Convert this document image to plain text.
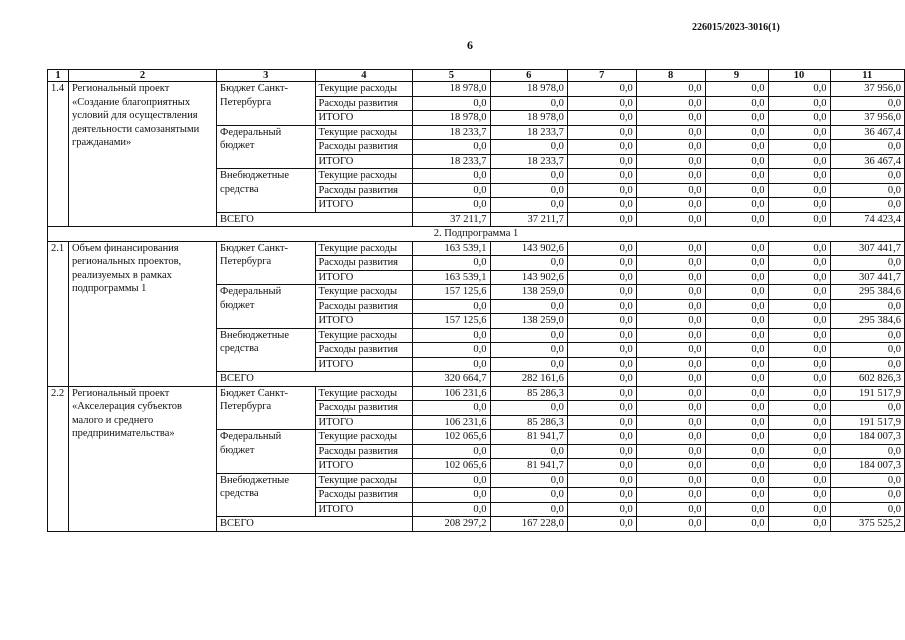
226015/2023-3016(1)
6
1	2	3	4	5	6	7	8	9	10	11
1.4	Региональный проект «Создание благоприятных условий для осуществления деятельности самозанятыми гражданами»	Бюджет Санкт-Петербурга	Текущие расходы	18 978,0	18 978,0	0,0	0,0	0,0	0,0	37 956,0
			Расходы развития	0,0	0,0	0,0	0,0	0,0	0,0	0,0
			ИТОГО	18 978,0	18 978,0	0,0	0,0	0,0	0,0	37 956,0
		Федеральный бюджет	Текущие расходы	18 233,7	18 233,7	0,0	0,0	0,0	0,0	36 467,4
			Расходы развития	0,0	0,0	0,0	0,0	0,0	0,0	0,0
			ИТОГО	18 233,7	18 233,7	0,0	0,0	0,0	0,0	36 467,4
		Внебюджетные средства	Текущие расходы	0,0	0,0	0,0	0,0	0,0	0,0	0,0
			Расходы развития	0,0	0,0	0,0	0,0	0,0	0,0	0,0
			ИТОГО	0,0	0,0	0,0	0,0	0,0	0,0	0,0
		ВСЕГО		37 211,7	37 211,7	0,0	0,0	0,0	0,0	74 423,4
2. Подпрограмма 1										
2.1	Объем финансирования региональных проектов, реализуемых в рамках подпрограммы 1	Бюджет Санкт-Петербурга	Текущие расходы	163 539,1	143 902,6	0,0	0,0	0,0	0,0	307 441,7
			Расходы развития	0,0	0,0	0,0	0,0	0,0	0,0	0,0
			ИТОГО	163 539,1	143 902,6	0,0	0,0	0,0	0,0	307 441,7
		Федеральный бюджет	Текущие расходы	157 125,6	138 259,0	0,0	0,0	0,0	0,0	295 384,6
			Расходы развития	0,0	0,0	0,0	0,0	0,0	0,0	0,0
			ИТОГО	157 125,6	138 259,0	0,0	0,0	0,0	0,0	295 384,6
		Внебюджетные средства	Текущие расходы	0,0	0,0	0,0	0,0	0,0	0,0	0,0
			Расходы развития	0,0	0,0	0,0	0,0	0,0	0,0	0,0
			ИТОГО	0,0	0,0	0,0	0,0	0,0	0,0	0,0
		ВСЕГО		320 664,7	282 161,6	0,0	0,0	0,0	0,0	602 826,3
2.2	Региональный проект «Акселерация субъектов малого и среднего предпринимательства»	Бюджет Санкт-Петербурга	Текущие расходы	106 231,6	85 286,3	0,0	0,0	0,0	0,0	191 517,9
			Расходы развития	0,0	0,0	0,0	0,0	0,0	0,0	0,0
			ИТОГО	106 231,6	85 286,3	0,0	0,0	0,0	0,0	191 517,9
		Федеральный бюджет	Текущие расходы	102 065,6	81 941,7	0,0	0,0	0,0	0,0	184 007,3
			Расходы развития	0,0	0,0	0,0	0,0	0,0	0,0	0,0
			ИТОГО	102 065,6	81 941,7	0,0	0,0	0,0	0,0	184 007,3
		Внебюджетные средства	Текущие расходы	0,0	0,0	0,0	0,0	0,0	0,0	0,0
			Расходы развития	0,0	0,0	0,0	0,0	0,0	0,0	0,0
			ИТОГО	0,0	0,0	0,0	0,0	0,0	0,0	0,0
		ВСЕГО		208 297,2	167 228,0	0,0	0,0	0,0	0,0	375 525,2
